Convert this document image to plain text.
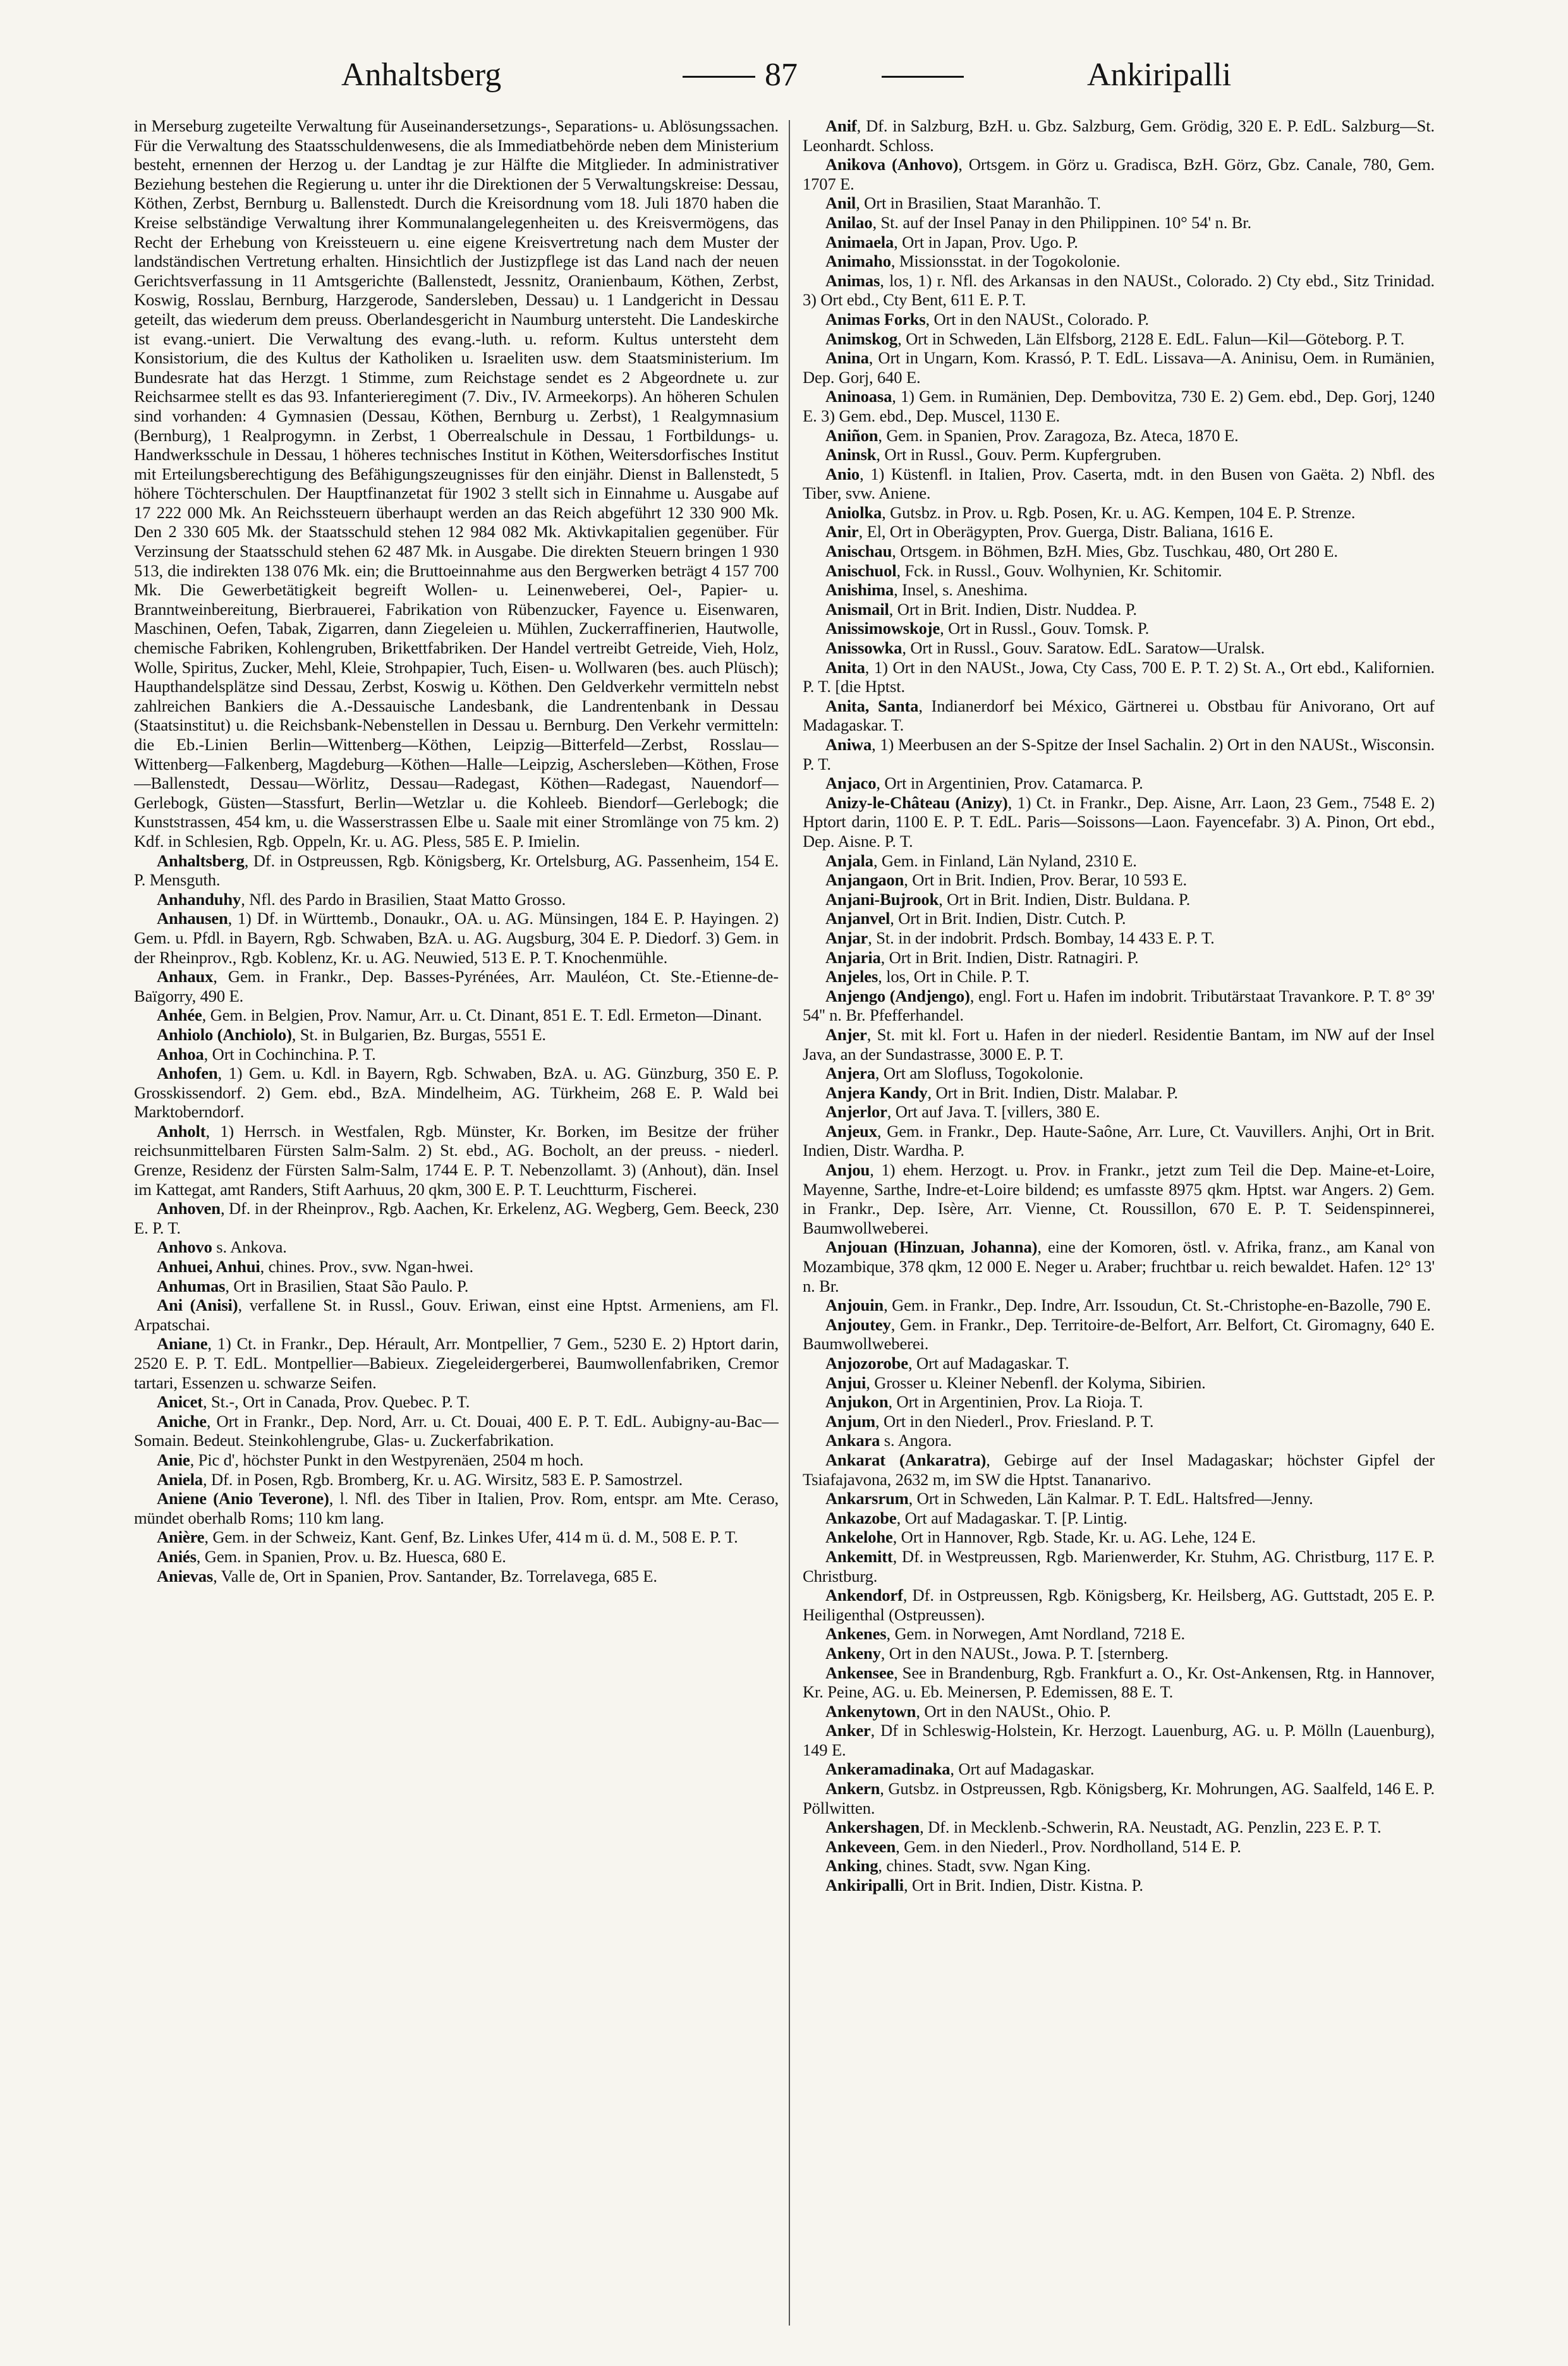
Anhaltsberg	87	Ankiripalli

in Merseburg zugeteilte Verwaltung für Auseinandersetzungs-, Separations- u. Ablösungssachen. Für die Verwaltung des Staatsschuldenwesens, die als Immediatbehörde neben dem Ministerium besteht, ernennen der Herzog u. der Landtag je zur Hälfte die Mitglieder. In administrativer Beziehung bestehen die Regierung u. unter ihr die Direktionen der 5 Verwaltungskreise: Dessau, Köthen, Zerbst, Bernburg u. Ballenstedt. Durch die Kreisordnung vom 18. Juli 1870 haben die Kreise selbständige Verwaltung ihrer Kommunalangelegenheiten u. des Kreisvermögens, das Recht der Erhebung von Kreissteuern u. eine eigene Kreisvertretung nach dem Muster der landständischen Vertretung erhalten. Hinsichtlich der Justizpflege ist das Land nach der neuen Gerichtsverfassung in 11 Amtsgerichte (Ballenstedt, Jessnitz, Oranienbaum, Köthen, Zerbst, Koswig, Rosslau, Bernburg, Harzgerode, Sandersleben, Dessau) u. 1 Landgericht in Dessau geteilt, das wiederum dem preuss. Oberlandesgericht in Naumburg untersteht. Die Landeskirche ist evang.-uniert. Die Verwaltung des evang.-luth. u. reform. Kultus untersteht dem Konsistorium, die des Kultus der Katholiken u. Israeliten usw. dem Staatsministerium. Im Bundesrate hat das Herzgt. 1 Stimme, zum Reichstage sendet es 2 Abgeordnete u. zur Reichsarmee stellt es das 93. Infanterieregiment (7. Div., IV. Armeekorps). An höheren Schulen sind vorhanden: 4 Gymnasien (Dessau, Köthen, Bernburg u. Zerbst), 1 Realgymnasium (Bernburg), 1 Realprogymn. in Zerbst, 1 Oberrealschule in Dessau, 1 Fortbildungs- u. Handwerksschule in Dessau, 1 höheres technisches Institut in Köthen, Weitersdorfisches Institut mit Erteilungsberechtigung des Befähigungszeugnisses für den einjähr. Dienst in Ballenstedt, 5 höhere Töchterschulen. Der Hauptfinanzetat für 1902 3 stellt sich in Einnahme u. Ausgabe auf 17 222 000 Mk. An Reichssteuern überhaupt werden an das Reich abgeführt 12 330 900 Mk. Den 2 330 605 Mk. der Staatsschuld stehen 12 984 082 Mk. Aktivkapitalien gegenüber. Für Verzinsung der Staatsschuld stehen 62 487 Mk. in Ausgabe. Die direkten Steuern bringen 1 930 513, die indirekten 138 076 Mk. ein; die Bruttoeinnahme aus den Bergwerken beträgt 4 157 700 Mk. Die Gewerbetätigkeit begreift Wollen- u. Leinenweberei, Oel-, Papier- u. Branntweinbereitung, Bierbrauerei, Fabrikation von Rübenzucker, Fayence u. Eisenwaren, Maschinen, Oefen, Tabak, Zigarren, dann Ziegeleien u. Mühlen, Zuckerraffinerien, Hautwolle, chemische Fabriken, Kohlengruben, Brikettfabriken. Der Handel vertreibt Getreide, Vieh, Holz, Wolle, Spiritus, Zucker, Mehl, Kleie, Strohpapier, Tuch, Eisen- u. Wollwaren (bes. auch Plüsch); Haupthandelsplätze sind Dessau, Zerbst, Koswig u. Köthen. Den Geldverkehr vermitteln nebst zahlreichen Bankiers die A.-Dessauische Landesbank, die Landrentenbank in Dessau (Staatsinstitut) u. die Reichsbank-Nebenstellen in Dessau u. Bernburg. Den Verkehr vermitteln: die Eb.-Linien Berlin—Wittenberg—Köthen, Leipzig—Bitterfeld—Zerbst, Rosslau—Wittenberg—Falkenberg, Magdeburg—Köthen—Halle—Leipzig, Aschersleben—Köthen, Frose—Ballenstedt, Dessau—Wörlitz, Dessau—Radegast, Köthen—Radegast, Nauendorf—Gerlebogk, Güsten—Stassfurt, Berlin—Wetzlar u. die Kohleeb. Biendorf—Gerlebogk; die Kunststrassen, 454 km, u. die Wasserstrassen Elbe u. Saale mit einer Stromlänge von 75 km. 2) Kdf. in Schlesien, Rgb. Oppeln, Kr. u. AG. Pless, 585 E. P. Imielin.

Anhaltsberg, Df. in Ostpreussen, Rgb. Königsberg, Kr. Ortelsburg, AG. Passenheim, 154 E. P. Mensguth.

Anhanduhy, Nfl. des Pardo in Brasilien, Staat Matto Grosso.

Anhausen, 1) Df. in Württemb., Donaukr., OA. u. AG. Münsingen, 184 E. P. Hayingen. 2) Gem. u. Pfdl. in Bayern, Rgb. Schwaben, BzA. u. AG. Augsburg, 304 E. P. Diedorf. 3) Gem. in der Rheinprov., Rgb. Koblenz, Kr. u. AG. Neuwied, 513 E. P. T. Knochenmühle.

Anhaux, Gem. in Frankr., Dep. Basses-Pyrénées, Arr. Mauléon, Ct. Ste.-Etienne-de-Baïgorry, 490 E.

Anhée, Gem. in Belgien, Prov. Namur, Arr. u. Ct. Dinant, 851 E. T. Edl. Ermeton—Dinant.

Anhiolo (Anchiolo), St. in Bulgarien, Bz. Burgas, 5551 E.

Anhoa, Ort in Cochinchina. P. T.

Anhofen, 1) Gem. u. Kdl. in Bayern, Rgb. Schwaben, BzA. u. AG. Günzburg, 350 E. P. Grosskissendorf. 2) Gem. ebd., BzA. Mindelheim, AG. Türkheim, 268 E. P. Wald bei Marktoberndorf.

Anholt, 1) Herrsch. in Westfalen, Rgb. Münster, Kr. Borken, im Besitze der früher reichsunmittelbaren Fürsten Salm-Salm. 2) St. ebd., AG. Bocholt, an der preuss. - niederl. Grenze, Residenz der Fürsten Salm-Salm, 1744 E. P. T. Nebenzollamt. 3) (Anhout), dän. Insel im Kattegat, amt Randers, Stift Aarhuus, 20 qkm, 300 E. P. T. Leuchtturm, Fischerei.

Anhoven, Df. in der Rheinprov., Rgb. Aachen, Kr. Erkelenz, AG. Wegberg, Gem. Beeck, 230 E. P. T.

Anhovo s. Ankova.

Anhuei, Anhui, chines. Prov., svw. Ngan-hwei.

Anhumas, Ort in Brasilien, Staat São Paulo. P.

Ani (Anisi), verfallene St. in Russl., Gouv. Eriwan, einst eine Hptst. Armeniens, am Fl. Arpatschai.

Aniane, 1) Ct. in Frankr., Dep. Hérault, Arr. Montpellier, 7 Gem., 5230 E. 2) Hptort darin, 2520 E. P. T. EdL. Montpellier—Babieux. Ziegeleidergerberei, Baumwollenfabriken, Cremor tartari, Essenzen u. schwarze Seifen.

Anicet, St.-, Ort in Canada, Prov. Quebec. P. T.

Aniche, Ort in Frankr., Dep. Nord, Arr. u. Ct. Douai, 400 E. P. T. EdL. Aubigny-au-Bac—Somain. Bedeut. Steinkohlengrube, Glas- u. Zuckerfabrikation.

Anie, Pic d', höchster Punkt in den Westpyrenäen, 2504 m hoch.

Aniela, Df. in Posen, Rgb. Bromberg, Kr. u. AG. Wirsitz, 583 E. P. Samostrzel.

Aniene (Anio Teverone), l. Nfl. des Tiber in Italien, Prov. Rom, entspr. am Mte. Ceraso, mündet oberhalb Roms; 110 km lang.

Anière, Gem. in der Schweiz, Kant. Genf, Bz. Linkes Ufer, 414 m ü. d. M., 508 E. P. T.

Aniés, Gem. in Spanien, Prov. u. Bz. Huesca, 680 E.

Anievas, Valle de, Ort in Spanien, Prov. Santander, Bz. Torrelavega, 685 E.

Anif, Df. in Salzburg, BzH. u. Gbz. Salzburg, Gem. Grödig, 320 E. P. EdL. Salzburg—St. Leonhardt. Schloss.

Anikova (Anhovo), Ortsgem. in Görz u. Gradisca, BzH. Görz, Gbz. Canale, 780, Gem. 1707 E.

Anil, Ort in Brasilien, Staat Maranhão. T.

Anilao, St. auf der Insel Panay in den Philippinen. 10° 54' n. Br.

Animaela, Ort in Japan, Prov. Ugo. P.

Animaho, Missionsstat. in der Togokolonie.

Animas, los, 1) r. Nfl. des Arkansas in den NAUSt., Colorado. 2) Cty ebd., Sitz Trinidad. 3) Ort ebd., Cty Bent, 611 E. P. T.

Animas Forks, Ort in den NAUSt., Colorado. P.

Animskog, Ort in Schweden, Län Elfsborg, 2128 E. EdL. Falun—Kil—Göteborg. P. T.

Anina, Ort in Ungarn, Kom. Krassó, P. T. EdL. Lissava—A. Aninisu, Oem. in Rumänien, Dep. Gorj, 640 E.

Aninoasa, 1) Gem. in Rumänien, Dep. Dembovitza, 730 E. 2) Gem. ebd., Dep. Gorj, 1240 E. 3) Gem. ebd., Dep. Muscel, 1130 E.

Aniñon, Gem. in Spanien, Prov. Zaragoza, Bz. Ateca, 1870 E.

Aninsk, Ort in Russl., Gouv. Perm. Kupfergruben.

Anio, 1) Küstenfl. in Italien, Prov. Caserta, mdt. in den Busen von Gaëta. 2) Nbfl. des Tiber, svw. Aniene.

Aniolka, Gutsbz. in Prov. u. Rgb. Posen, Kr. u. AG. Kempen, 104 E. P. Strenze.

Anir, El, Ort in Oberägypten, Prov. Guerga, Distr. Baliana, 1616 E.

Anischau, Ortsgem. in Böhmen, BzH. Mies, Gbz. Tuschkau, 480, Ort 280 E.

Anischuol, Fck. in Russl., Gouv. Wolhynien, Kr. Schitomir.

Anishima, Insel, s. Aneshima.

Anismail, Ort in Brit. Indien, Distr. Nuddea. P.

Anissimowskoje, Ort in Russl., Gouv. Tomsk. P.

Anissowka, Ort in Russl., Gouv. Saratow. EdL. Saratow—Uralsk.

Anita, 1) Ort in den NAUSt., Jowa, Cty Cass, 700 E. P. T. 2) St. A., Ort ebd., Kalifornien. P. T. [die Hptst.

Anita, Santa, Indianerdorf bei México, Gärtnerei u. Obstbau für Anivorano, Ort auf Madagaskar. T.

Aniwa, 1) Meerbusen an der S-Spitze der Insel Sachalin. 2) Ort in den NAUSt., Wisconsin. P. T.

Anjaco, Ort in Argentinien, Prov. Catamarca. P.

Anizy-le-Château (Anizy), 1) Ct. in Frankr., Dep. Aisne, Arr. Laon, 23 Gem., 7548 E. 2) Hptort darin, 1100 E. P. T. EdL. Paris—Soissons—Laon. Fayencefabr. 3) A. Pinon, Ort ebd., Dep. Aisne. P. T.

Anjala, Gem. in Finland, Län Nyland, 2310 E.

Anjangaon, Ort in Brit. Indien, Prov. Berar, 10 593 E.

Anjani-Bujrook, Ort in Brit. Indien, Distr. Buldana. P.

Anjanvel, Ort in Brit. Indien, Distr. Cutch. P.

Anjar, St. in der indobrit. Prdsch. Bombay, 14 433 E. P. T.

Anjaria, Ort in Brit. Indien, Distr. Ratnagiri. P.

Anjeles, los, Ort in Chile. P. T.

Anjengo (Andjengo), engl. Fort u. Hafen im indobrit. Tributärstaat Travankore. P. T. 8° 39' 54'' n. Br. Pfefferhandel.

Anjer, St. mit kl. Fort u. Hafen in der niederl. Residentie Bantam, im NW auf der Insel Java, an der Sundastrasse, 3000 E. P. T.

Anjera, Ort am Slofluss, Togokolonie.

Anjera Kandy, Ort in Brit. Indien, Distr. Malabar. P.

Anjerlor, Ort auf Java. T. [villers, 380 E.

Anjeux, Gem. in Frankr., Dep. Haute-Saône, Arr. Lure, Ct. Vauvillers. Anjhi, Ort in Brit. Indien, Distr. Wardha. P.

Anjou, 1) ehem. Herzogt. u. Prov. in Frankr., jetzt zum Teil die Dep. Maine-et-Loire, Mayenne, Sarthe, Indre-et-Loire bildend; es umfasste 8975 qkm. Hptst. war Angers. 2) Gem. in Frankr., Dep. Isère, Arr. Vienne, Ct. Roussillon, 670 E. P. T. Seidenspinnerei, Baumwollweberei.

Anjouan (Hinzuan, Johanna), eine der Komoren, östl. v. Afrika, franz., am Kanal von Mozambique, 378 qkm, 12 000 E. Neger u. Araber; fruchtbar u. reich bewaldet. Hafen. 12° 13' n. Br.

Anjouin, Gem. in Frankr., Dep. Indre, Arr. Issoudun, Ct. St.-Christophe-en-Bazolle, 790 E.

Anjoutey, Gem. in Frankr., Dep. Territoire-de-Belfort, Arr. Belfort, Ct. Giromagny, 640 E. Baumwollweberei.

Anjozorobe, Ort auf Madagaskar. T.

Anjui, Grosser u. Kleiner Nebenfl. der Kolyma, Sibirien.

Anjukon, Ort in Argentinien, Prov. La Rioja. T.

Anjum, Ort in den Niederl., Prov. Friesland. P. T.

Ankara s. Angora.

Ankarat (Ankaratra), Gebirge auf der Insel Madagaskar; höchster Gipfel der Tsiafajavona, 2632 m, im SW die Hptst. Tananarivo.

Ankarsrum, Ort in Schweden, Län Kalmar. P. T. EdL. Haltsfred—Jenny.

Ankazobe, Ort auf Madagaskar. T. [P. Lintig.

Ankelohe, Ort in Hannover, Rgb. Stade, Kr. u. AG. Lehe, 124 E.

Ankemitt, Df. in Westpreussen, Rgb. Marienwerder, Kr. Stuhm, AG. Christburg, 117 E. P. Christburg.

Ankendorf, Df. in Ostpreussen, Rgb. Königsberg, Kr. Heilsberg, AG. Guttstadt, 205 E. P. Heiligenthal (Ostpreussen).

Ankenes, Gem. in Norwegen, Amt Nordland, 7218 E.

Ankeny, Ort in den NAUSt., Jowa. P. T. [sternberg.

Ankensee, See in Brandenburg, Rgb. Frankfurt a. O., Kr. Ost-Ankensen, Rtg. in Hannover, Kr. Peine, AG. u. Eb. Meinersen, P. Edemissen, 88 E. T.

Ankenytown, Ort in den NAUSt., Ohio. P.

Anker, Df in Schleswig-Holstein, Kr. Herzogt. Lauenburg, AG. u. P. Mölln (Lauenburg), 149 E.

Ankeramadinaka, Ort auf Madagaskar.

Ankern, Gutsbz. in Ostpreussen, Rgb. Königsberg, Kr. Mohrungen, AG. Saalfeld, 146 E. P. Pöllwitten.

Ankershagen, Df. in Mecklenb.-Schwerin, RA. Neustadt, AG. Penzlin, 223 E. P. T.

Ankeveen, Gem. in den Niederl., Prov. Nordholland, 514 E. P.

Anking, chines. Stadt, svw. Ngan King.

Ankiripalli, Ort in Brit. Indien, Distr. Kistna. P.
